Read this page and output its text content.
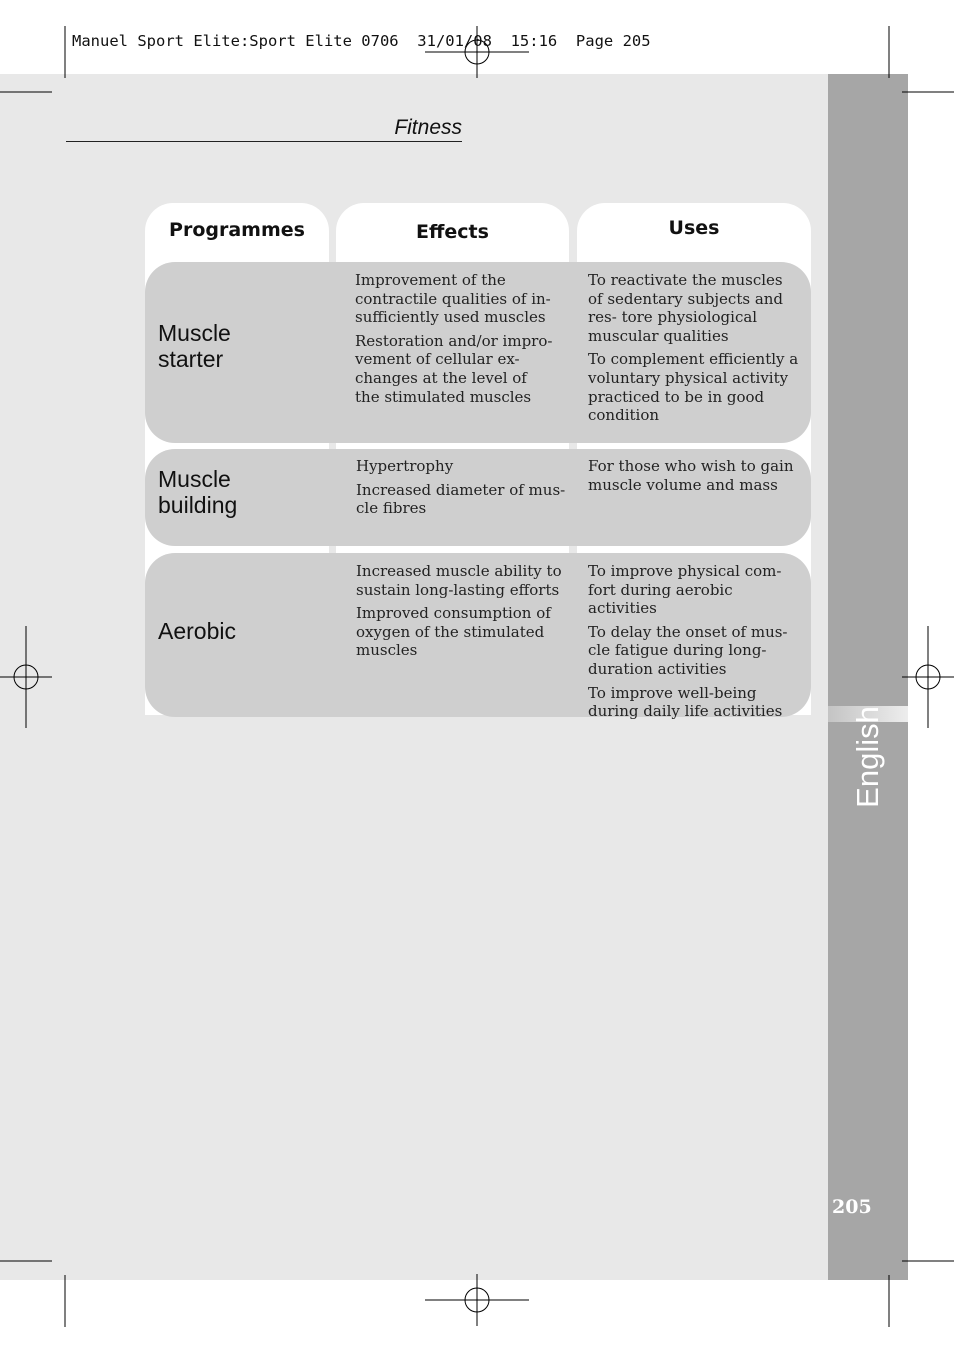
English
205
Manuel Sport Elite:Sport Elite 0706  31/01/08  15:16  Page 205
Fitness
Programmes	Effects	Uses
Muscle
starter

Improvement of the contractile qualities of in- sufficiently used muscles

Restoration and/or impro- vement of cellular ex- changes at the level of the stimulated muscles

To reactivate the muscles of sedentary subjects and res- tore physiological muscular qualities

To complement efficiently a voluntary physical activity practiced to be in good condition

Muscle
building

Hypertrophy

Increased diameter of mus- cle fibres

For those who wish to gain muscle volume and mass

Aerobic

Increased muscle ability to sustain long-lasting efforts

Improved consumption of oxygen of the stimulated muscles

To improve physical com- fort during aerobic activities

To delay the onset of mus- cle fatigue during long- duration activities

To improve well-being during daily life activities
